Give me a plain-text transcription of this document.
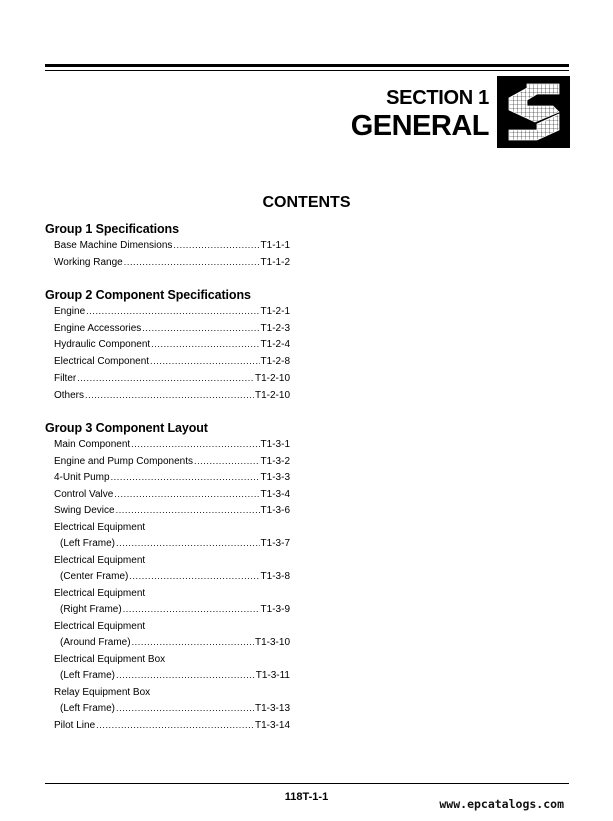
SECTION 1
GENERAL
CONTENTS
Group 1 Specifications
Base Machine Dimensions .....	T1-1-1
Working Range .....	T1-1-2
Group 2 Component Specifications
Engine .....	T1-2-1
Engine Accessories .....	T1-2-3
Hydraulic Component .....	T1-2-4
Electrical Component .....	T1-2-8
Filter .....	T1-2-10
Others .....	T1-2-10
Group 3 Component Layout
Main Component .....	T1-3-1
Engine and Pump Components .....	T1-3-2
4-Unit Pump .....	T1-3-3
Control Valve .....	T1-3-4
Swing Device .....	T1-3-6
Electrical Equipment
(Left Frame) .....	T1-3-7
Electrical Equipment
(Center Frame) .....	T1-3-8
Electrical Equipment
(Right Frame) .....	T1-3-9
Electrical Equipment
(Around Frame) .....	T1-3-10
Electrical Equipment Box
(Left Frame) .....	T1-3-11
Relay Equipment Box
(Left Frame) .....	T1-3-13
Pilot Line .....	T1-3-14
118T-1-1	www.epcatalogs.com
